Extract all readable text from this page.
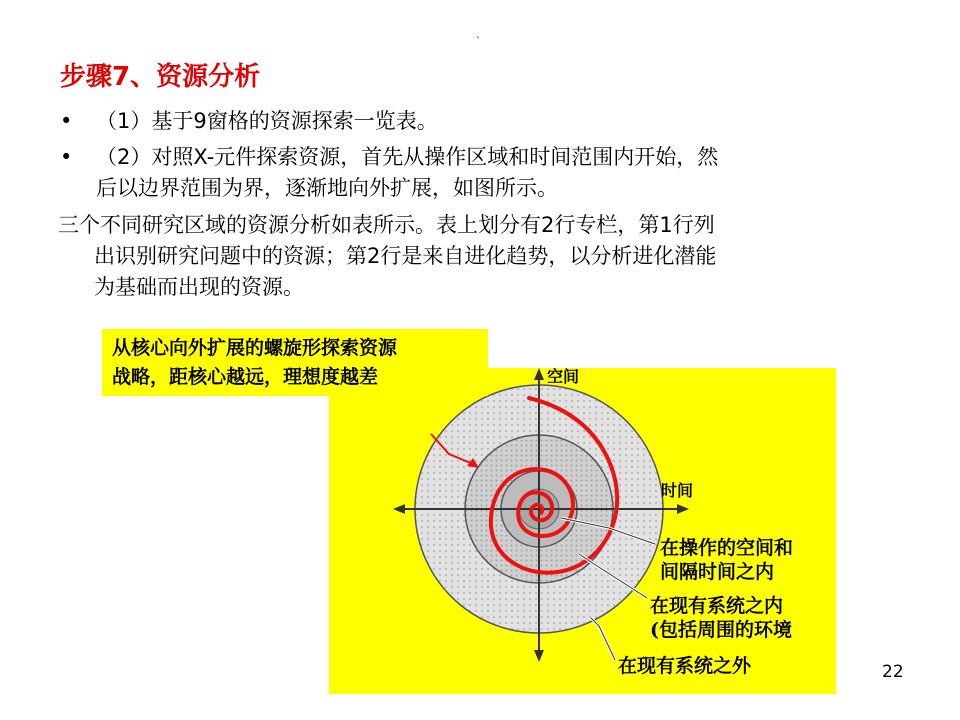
、
步骤7、资源分析
• （1）基于9窗格的资源探索一览表。
• （2）对照X-元件探索资源，首先从操作区域和时间范围内开始，然
后以边界范围为界，逐渐地向外扩展，如图所示。
三个不同研究区域的资源分析如表所示。表上划分有2行专栏，第1行列
出识别研究问题中的资源；第2行是来自进化趋势，以分析进化潜能
为基础而出现的资源。
空间
时间
在操作的空间和
间隔时间之内
在现有系统之内
(包括周围的环境
在现有系统之外
从核心向外扩展的螺旋形探索资源
战略，距核心越远，理想度越差
22
